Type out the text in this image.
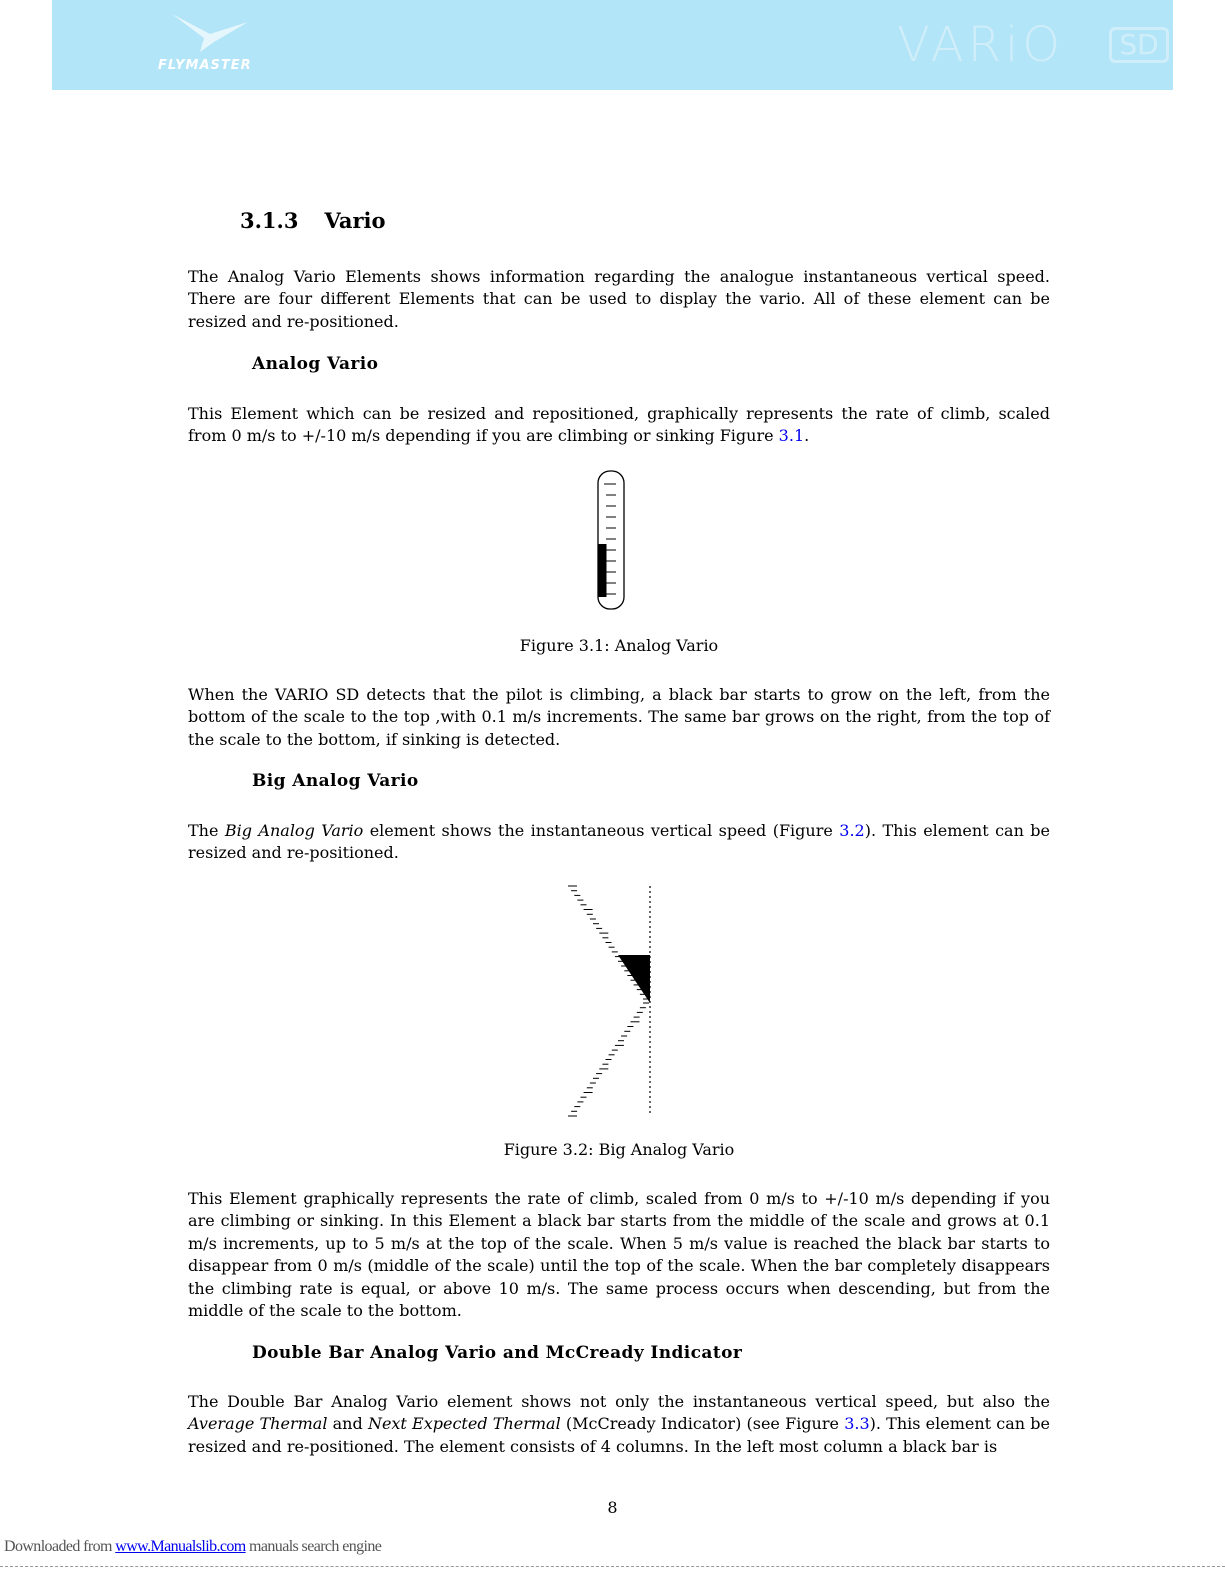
FLYMASTER	VARiO	SD
3.1.3 Vario

The Analog Vario Elements shows information regarding the analogue instantaneous vertical speed. There are four different Elements that can be used to display the vario. All of these element can be resized and re-positioned.

Analog Vario

This Element which can be resized and repositioned, graphically represents the rate of climb, scaled from 0 m/s to +/-10 m/s depending if you are climbing or sinking Figure 3.1.

Figure 3.1: Analog Vario

When the VARIO SD detects that the pilot is climbing, a black bar starts to grow on the left, from the bottom of the scale to the top ,with 0.1 m/s increments. The same bar grows on the right, from the top of the scale to the bottom, if sinking is detected.

Big Analog Vario

The Big Analog Vario element shows the instantaneous vertical speed (Figure 3.2). This element can be resized and re-positioned.

Figure 3.2: Big Analog Vario

This Element graphically represents the rate of climb, scaled from 0 m/s to +/-10 m/s depending if you are climbing or sinking. In this Element a black bar starts from the middle of the scale and grows at 0.1 m/s increments, up to 5 m/s at the top of the scale. When 5 m/s value is reached the black bar starts to disappear from 0 m/s (middle of the scale) until the top of the scale. When the bar completely disappears the climbing rate is equal, or above 10 m/s. The same process occurs when descending, but from the middle of the scale to the bottom.

Double Bar Analog Vario and McCready Indicator

The Double Bar Analog Vario element shows not only the instantaneous vertical speed, but also the Average Thermal and Next Expected Thermal (McCready Indicator) (see Figure 3.3). This element can be resized and re-positioned. The element consists of 4 columns. In the left most column a black bar is

8
Downloaded from www.Manualslib.com manuals search engine
